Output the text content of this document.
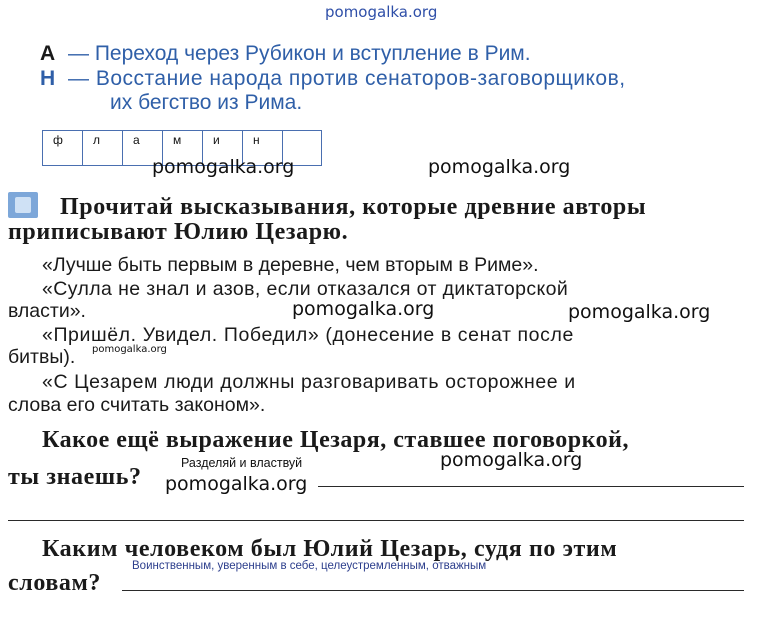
pomogalka.org
А — Переход через Рубикон и вступление в Рим.
Н — Восстание народа против сенаторов-заговорщиков,
их бегство из Рима.
ф	л	а	м	и	н
pomogalka.org	pomogalka.org
Прочитай высказывания, которые древние авторы
приписывают Юлию Цезарю.
«Лучше быть первым в деревне, чем вторым в Риме».
«Сулла не знал и азов, если отказался от диктаторской
власти».	pomogalka.org	pomogalka.org
«Пришёл. Увидел. Победил» (донесение в сенат после
битвы). pomogalka.org
«С Цезарем люди должны разговаривать осторожнее и
слова его считать законом».
Какое ещё выражение Цезаря, ставшее поговоркой,
ты знаешь?
Разделяй и властвуй	pomogalka.org
pomogalka.org
Каким человеком был Юлий Цезарь, судя по этим
словам?
Воинственным, уверенным в себе, целеустремленным, отважным
